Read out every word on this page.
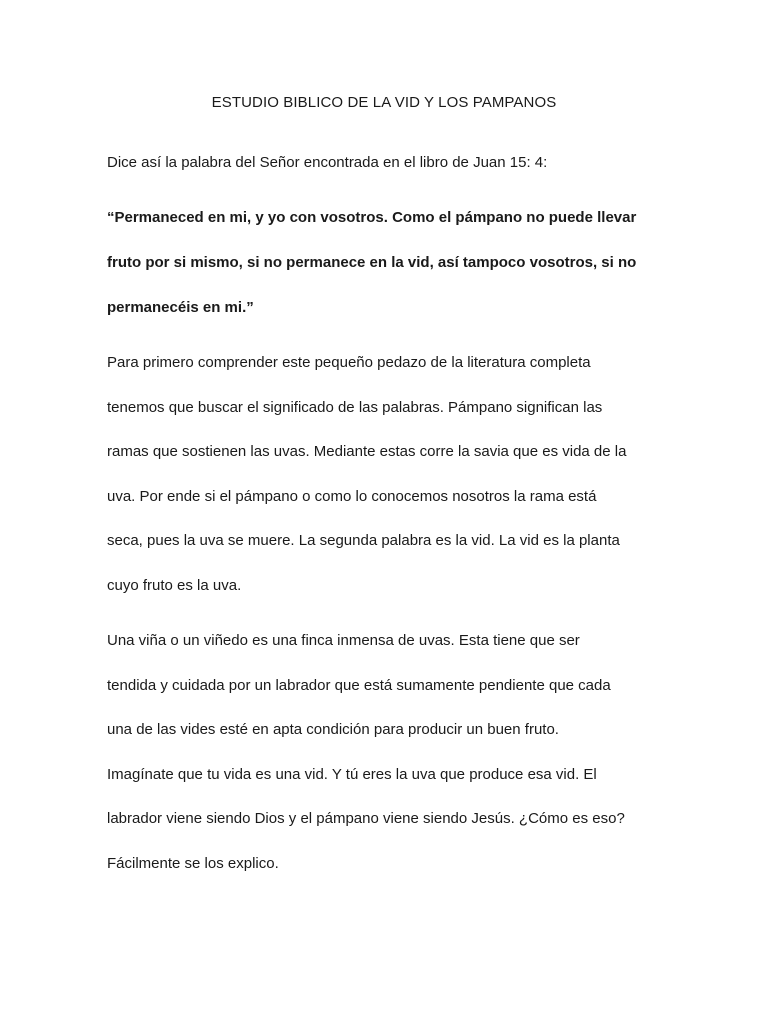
ESTUDIO BIBLICO DE LA VID Y LOS PAMPANOS

Dice así la palabra del Señor encontrada en el libro de Juan 15: 4:

“Permaneced en mi, y yo con vosotros. Como el pámpano no puede llevar

fruto por si mismo, si no permanece en la vid, así tampoco vosotros, si no

permanecéis en mi.”

Para primero comprender este pequeño pedazo de la literatura completa

tenemos que buscar el significado de las palabras. Pámpano significan las

ramas que sostienen las uvas. Mediante estas corre la savia que es vida de la

uva. Por ende si el pámpano o como lo conocemos nosotros la rama está

seca, pues la uva se muere. La segunda palabra es la vid. La vid es la planta

cuyo fruto es la uva.

Una viña o un viñedo es una finca inmensa de uvas. Esta tiene que ser

tendida y cuidada por un labrador que está sumamente pendiente que cada

una de las vides esté en apta condición para producir un buen fruto.

Imagínate que tu vida es una vid. Y tú eres la uva que produce esa vid. El

labrador viene siendo Dios y el pámpano viene siendo Jesús. ¿Cómo es eso?

Fácilmente se los explico.
